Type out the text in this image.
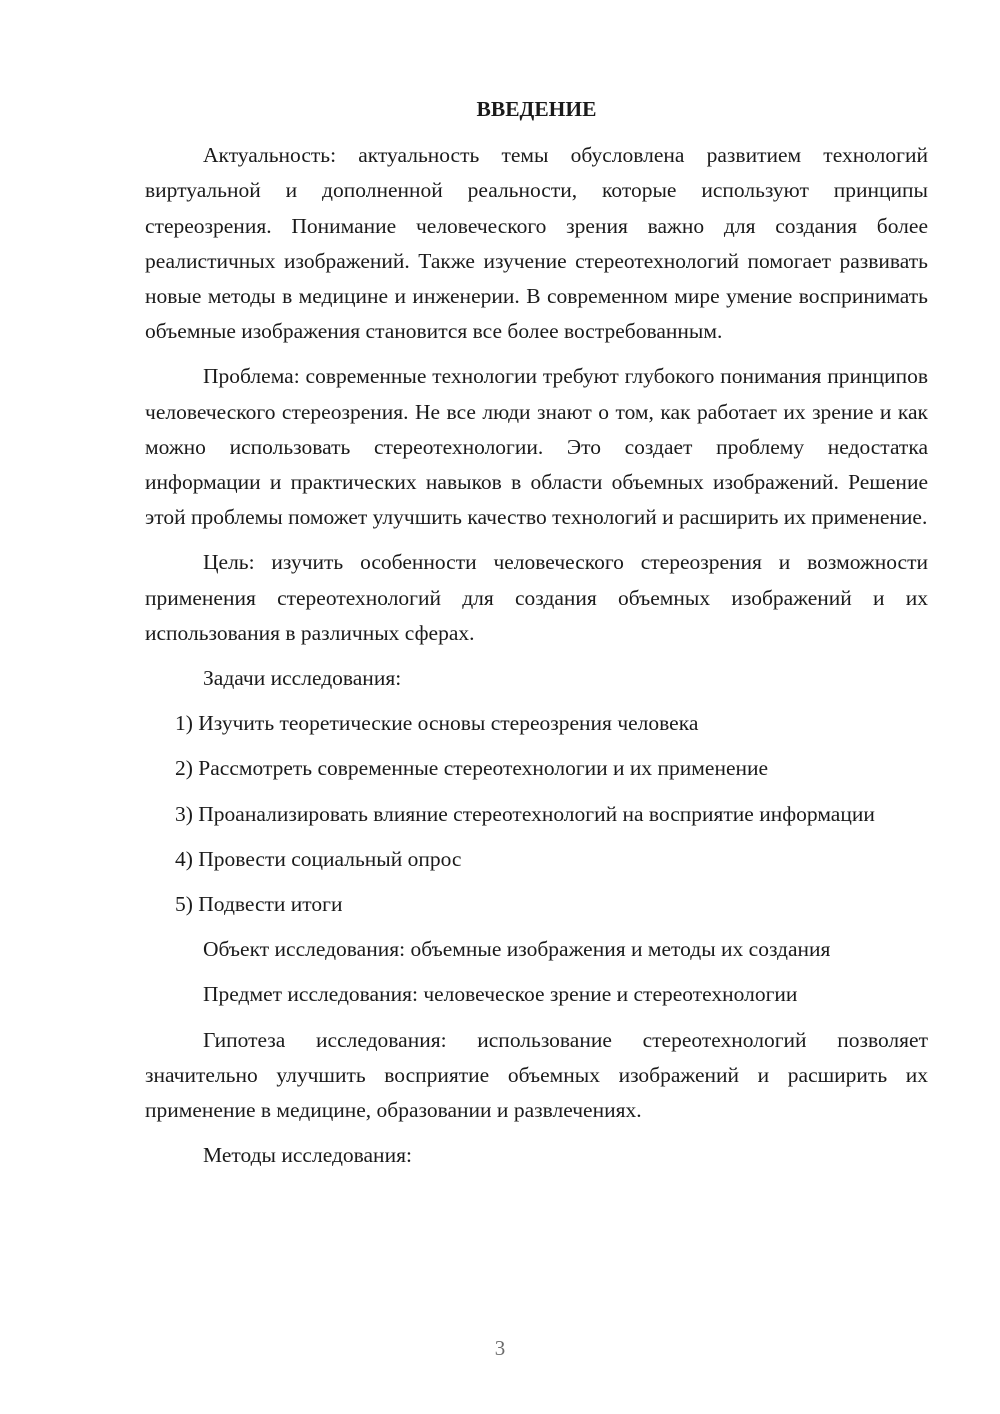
ВВЕДЕНИЕ

Актуальность: актуальность темы обусловлена развитием технологий виртуальной и дополненной реальности, которые используют принципы стереозрения. Понимание человеческого зрения важно для создания более реалистичных изображений. Также изучение стереотехнологий помогает развивать новые методы в медицине и инженерии. В современном мире умение воспринимать объемные изображения становится все более востребованным.

Проблема: современные технологии требуют глубокого понимания принципов человеческого стереозрения. Не все люди знают о том, как работает их зрение и как можно использовать стереотехнологии. Это создает проблему недостатка информации и практических навыков в области объемных изображений. Решение этой проблемы поможет улучшить качество технологий и расширить их применение.

Цель: изучить особенности человеческого стереозрения и возможности применения стереотехнологий для создания объемных изображений и их использования в различных сферах.

Задачи исследования:

1) Изучить теоретические основы стереозрения человека

2) Рассмотреть современные стереотехнологии и их применение

3) Проанализировать влияние стереотехнологий на восприятие информации

4) Провести социальный опрос

5) Подвести итоги

Объект исследования: объемные изображения и методы их создания

Предмет исследования: человеческое зрение и стереотехнологии

Гипотеза исследования: использование стереотехнологий позволяет значительно улучшить восприятие объемных изображений и расширить их применение в медицине, образовании и развлечениях.

Методы исследования:

3
